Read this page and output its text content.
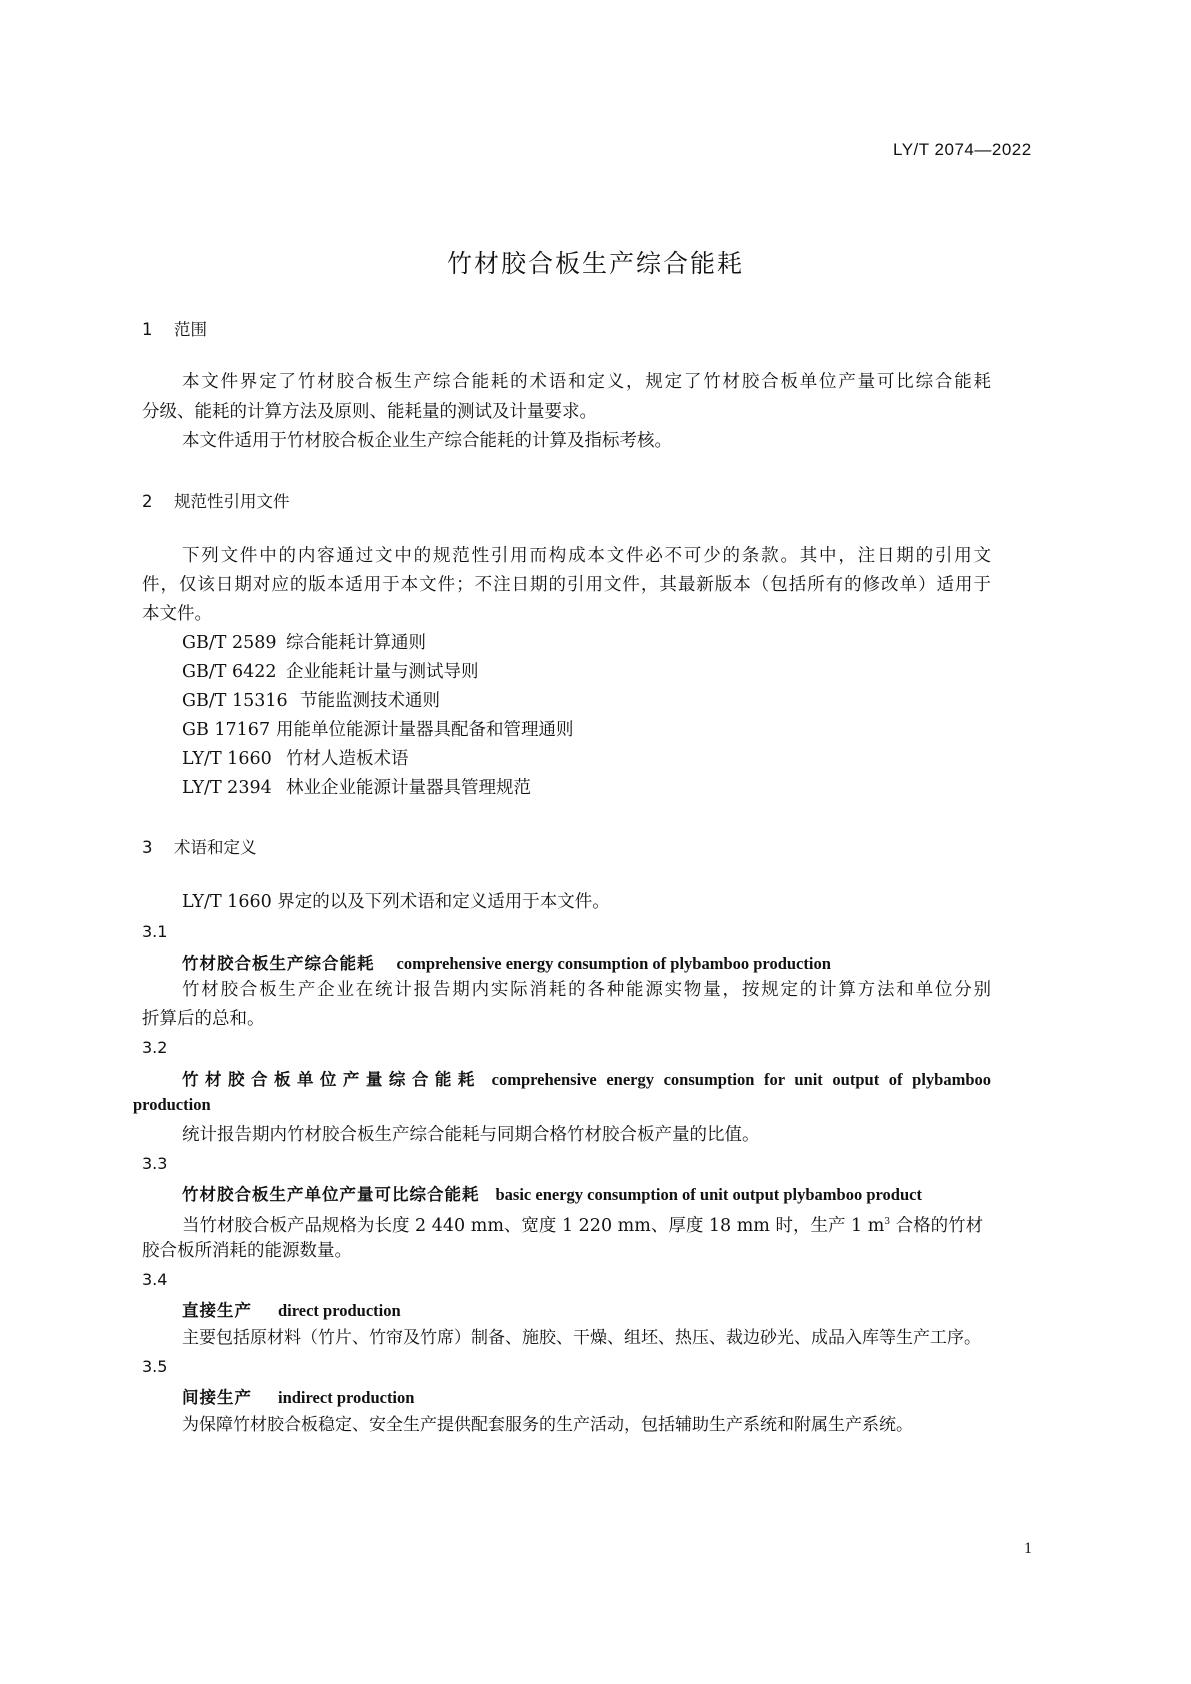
LY/T 2074—2022
竹材胶合板生产综合能耗
1 范围
本文件界定了竹材胶合板生产综合能耗的术语和定义，规定了竹材胶合板单位产量可比综合能耗
分级、能耗的计算方法及原则、能耗量的测试及计量要求。
本文件适用于竹材胶合板企业生产综合能耗的计算及指标考核。
2 规范性引用文件
下列文件中的内容通过文中的规范性引用而构成本文件必不可少的条款。其中，注日期的引用文
件，仅该日期对应的版本适用于本文件；不注日期的引用文件，其最新版本（包括所有的修改单）适用于
本文件。
GB/T 2589 综合能耗计算通则
GB/T 6422 企业能耗计量与测试导则
GB/T 15316 节能监测技术通则
GB 17167 用能单位能源计量器具配备和管理通则
LY/T 1660 竹材人造板术语
LY/T 2394 林业企业能源计量器具管理规范
3 术语和定义
LY/T 1660 界定的以及下列术语和定义适用于本文件。
3.1
竹材胶合板生产综合能耗 comprehensive energy consumption of plybamboo production
竹材胶合板生产企业在统计报告期内实际消耗的各种能源实物量，按规定的计算方法和单位分别
折算后的总和。
3.2
竹材胶合板单位产量综合能耗 comprehensive energy consumption for unit output of plybamboo
production
统计报告期内竹材胶合板生产综合能耗与同期合格竹材胶合板产量的比值。
3.3
竹材胶合板生产单位产量可比综合能耗 basic energy consumption of unit output plybamboo product
当竹材胶合板产品规格为长度 2 440 mm、宽度 1 220 mm、厚度 18 mm 时，生产 1 $m^3$ 合格的竹材
胶合板所消耗的能源数量。
3.4
直接生产 direct production
主要包括原材料（竹片、竹帘及竹席）制备、施胶、干燥、组坯、热压、裁边砂光、成品入库等生产工序。
3.5
间接生产 indirect production
为保障竹材胶合板稳定、安全生产提供配套服务的生产活动，包括辅助生产系统和附属生产系统。
1
